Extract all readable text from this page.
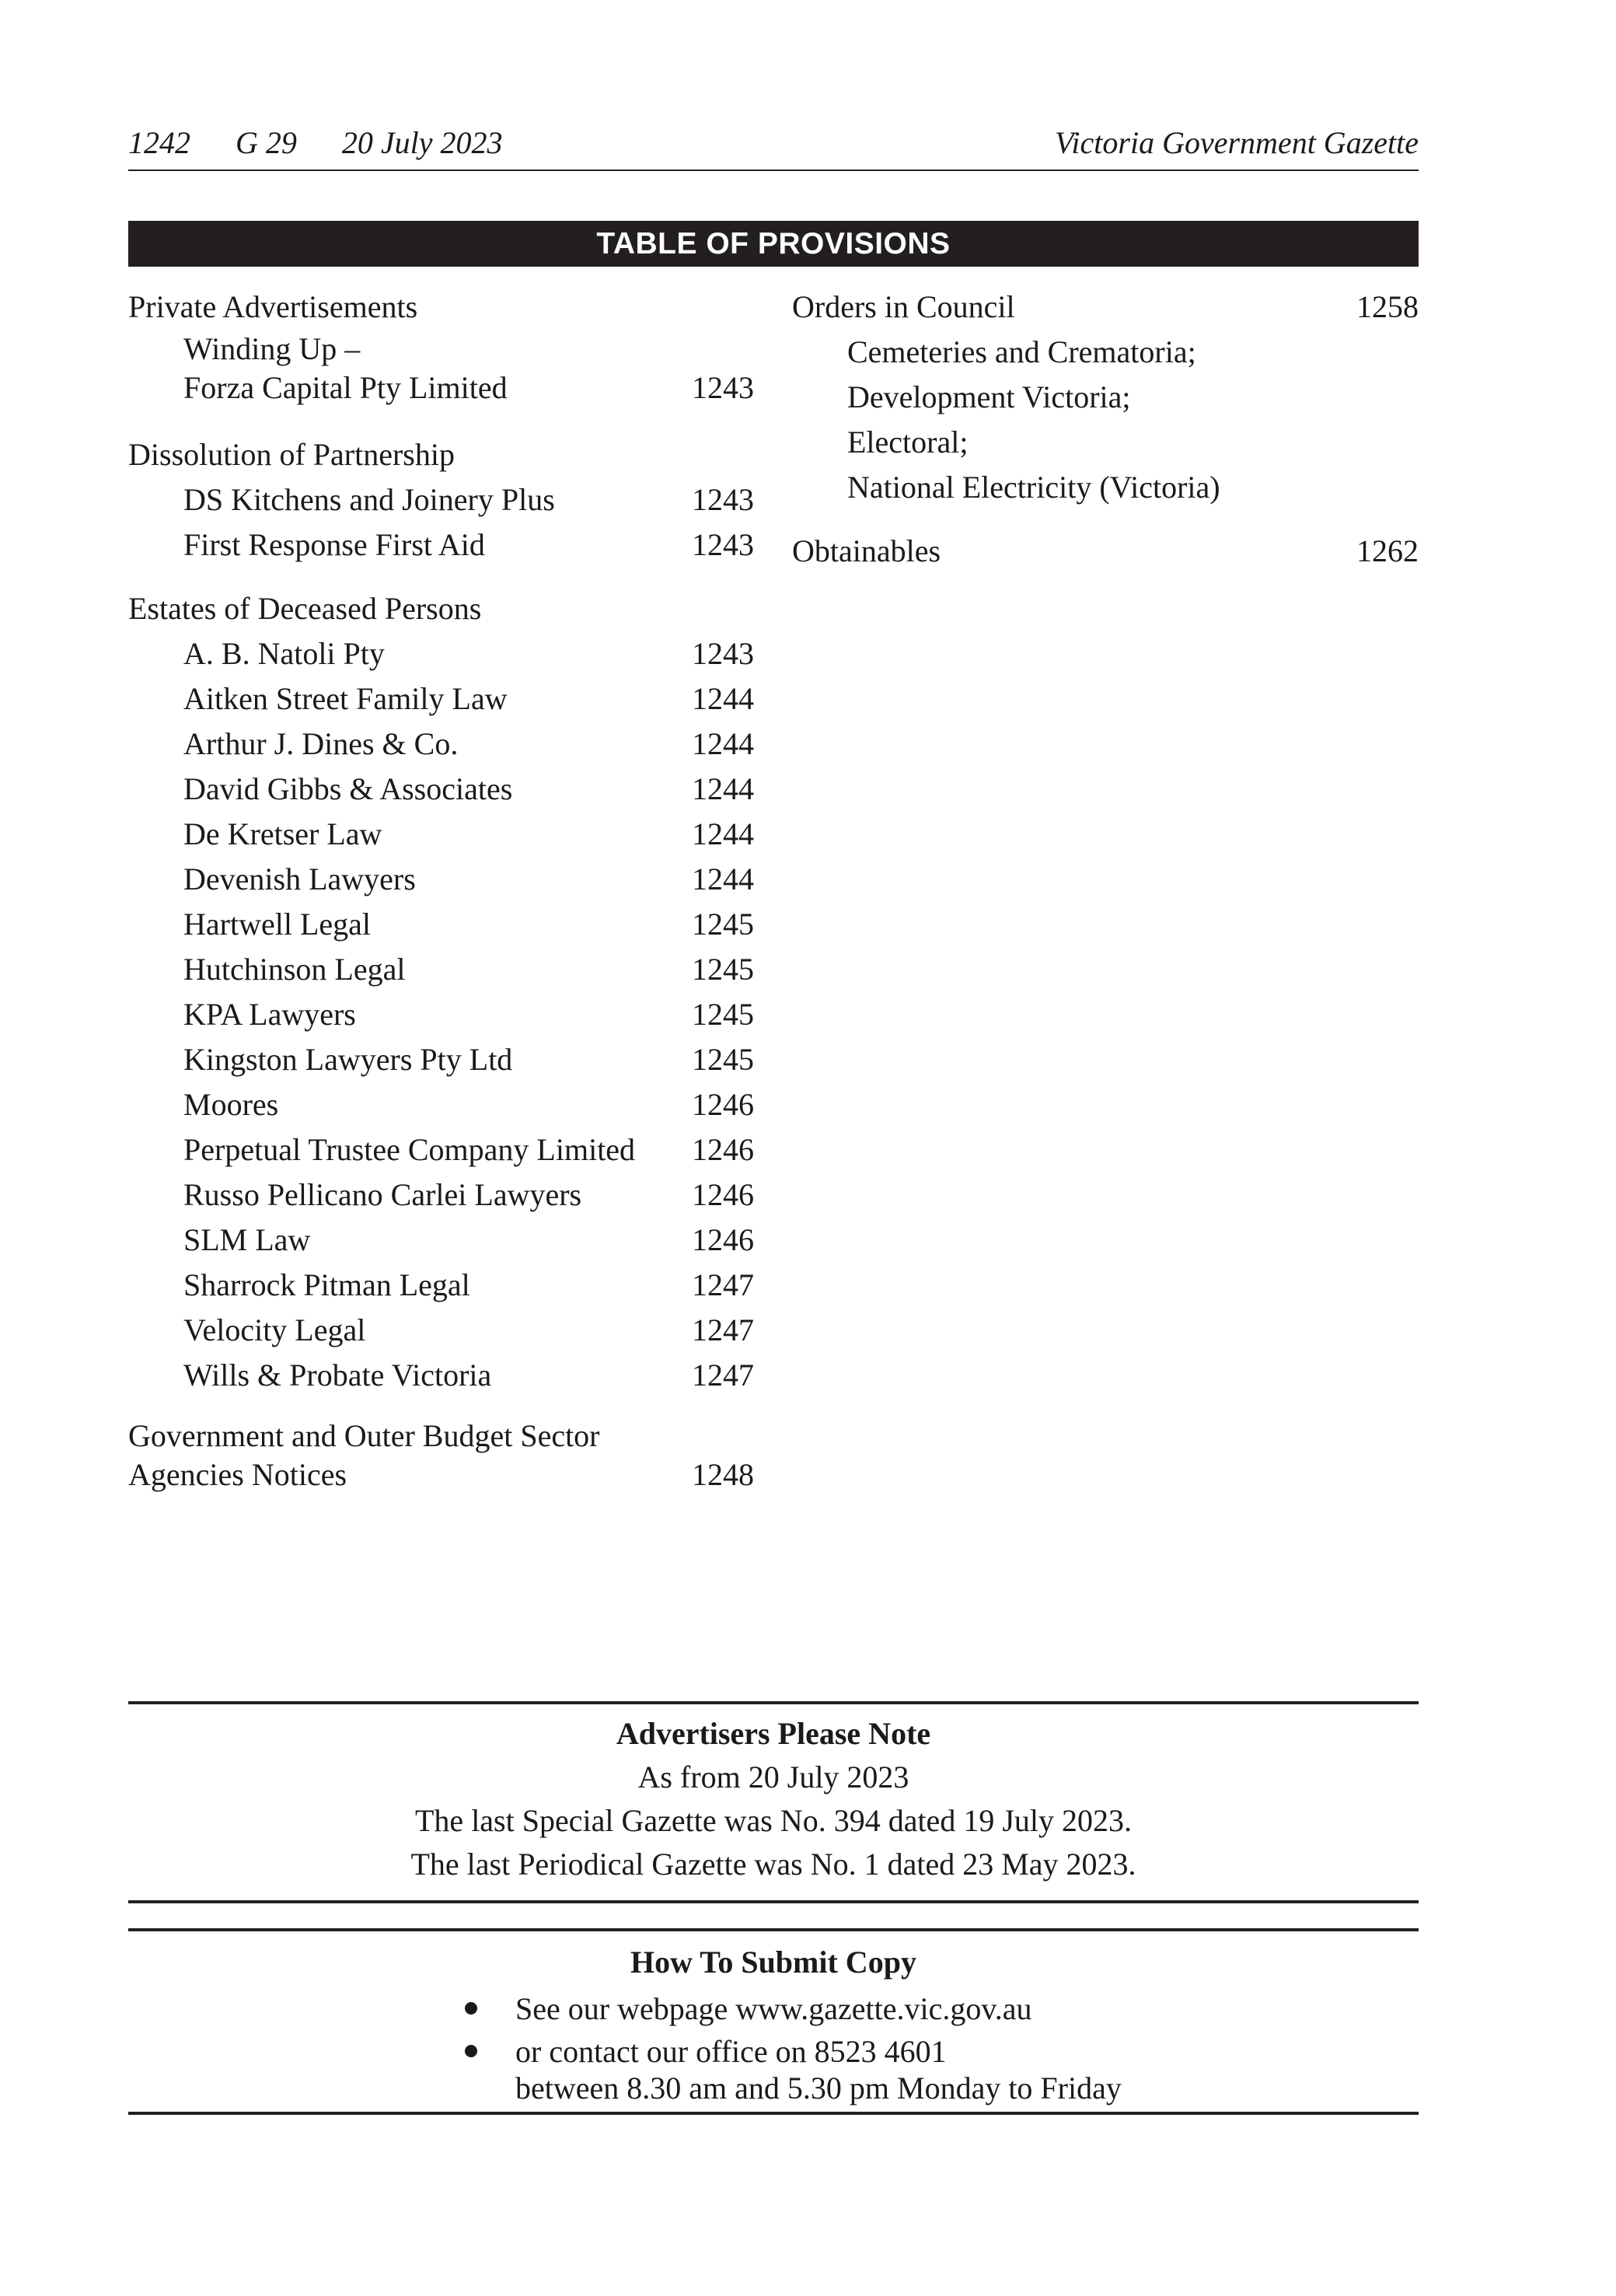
1242 G 29 20 July 2023	Victoria Government Gazette
TABLE OF PROVISIONS
Private Advertisements
Winding Up –
Forza Capital Pty Limited	1243
Dissolution of Partnership
DS Kitchens and Joinery Plus	1243
First Response First Aid	1243
Estates of Deceased Persons
A. B. Natoli Pty	1243
Aitken Street Family Law	1244
Arthur J. Dines & Co.	1244
David Gibbs & Associates	1244
De Kretser Law	1244
Devenish Lawyers	1244
Hartwell Legal	1245
Hutchinson Legal	1245
KPA Lawyers	1245
Kingston Lawyers Pty Ltd	1245
Moores	1246
Perpetual Trustee Company Limited 1246
Russo Pellicano Carlei Lawyers	1246
SLM Law	1246
Sharrock Pitman Legal	1247
Velocity Legal	1247
Wills & Probate Victoria	1247
Government and Outer Budget Sector
Agencies Notices	1248
Orders in Council	1258
Cemeteries and Crematoria;
Development Victoria;
Electoral;
National Electricity (Victoria)
Obtainables	1262
Advertisers Please Note
As from 20 July 2023
The last Special Gazette was No. 394 dated 19 July 2023.
The last Periodical Gazette was No. 1 dated 23 May 2023.
How To Submit Copy
See our webpage www.gazette.vic.gov.au
or contact our office on 8523 4601
between 8.30 am and 5.30 pm Monday to Friday
